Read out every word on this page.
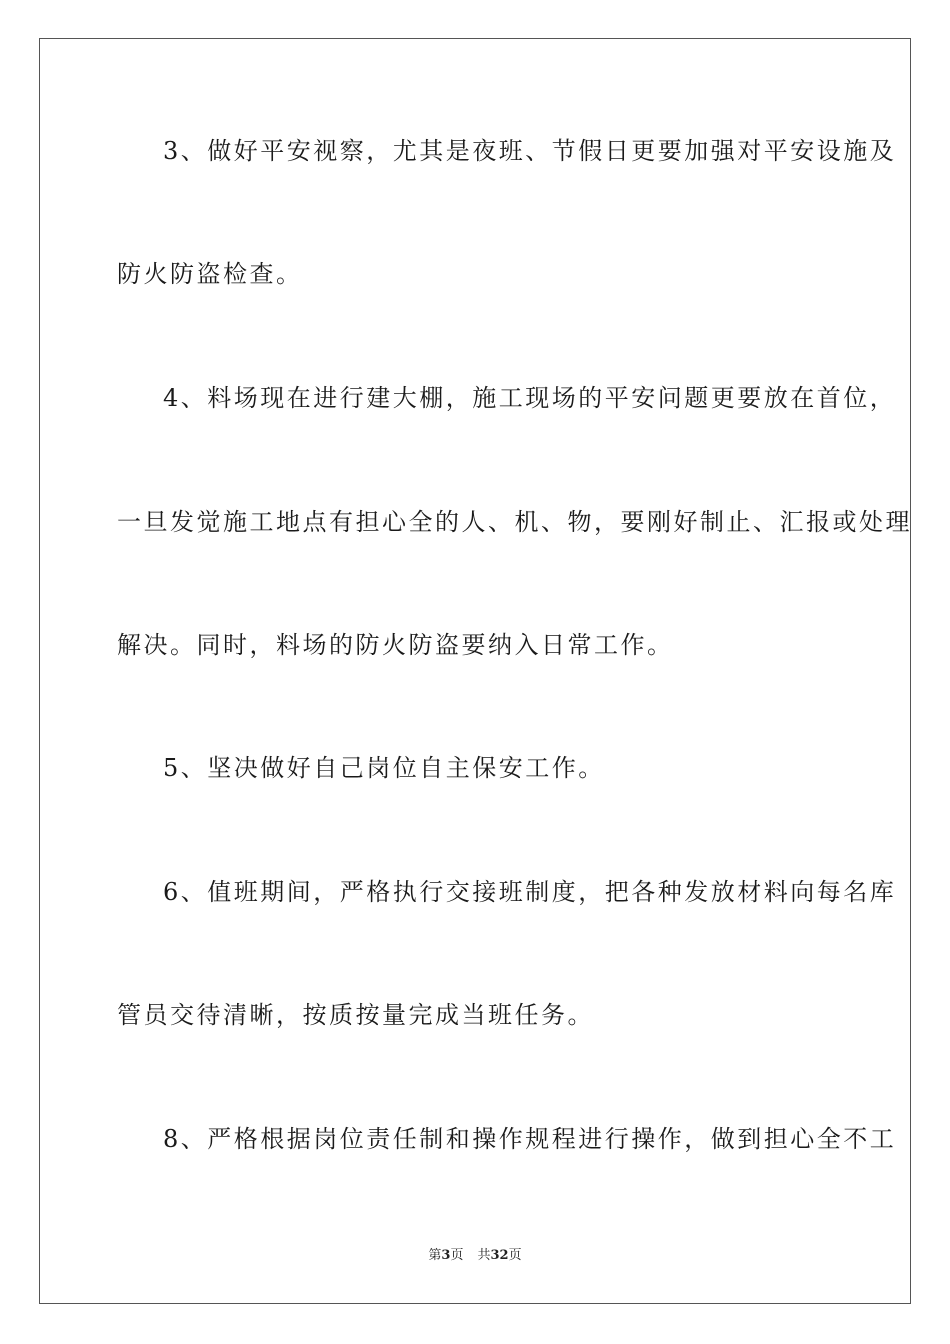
3、做好平安视察，尤其是夜班、节假日更要加强对平安设施及
防火防盗检查。
4、料场现在进行建大棚，施工现场的平安问题更要放在首位，
一旦发觉施工地点有担心全的人、机、物，要刚好制止、汇报或处理
解决。同时，料场的防火防盗要纳入日常工作。
5、坚决做好自己岗位自主保安工作。
6、值班期间，严格执行交接班制度，把各种发放材料向每名库
管员交待清晰，按质按量完成当班任务。
8、严格根据岗位责任制和操作规程进行操作，做到担心全不工
第3页 共32页
